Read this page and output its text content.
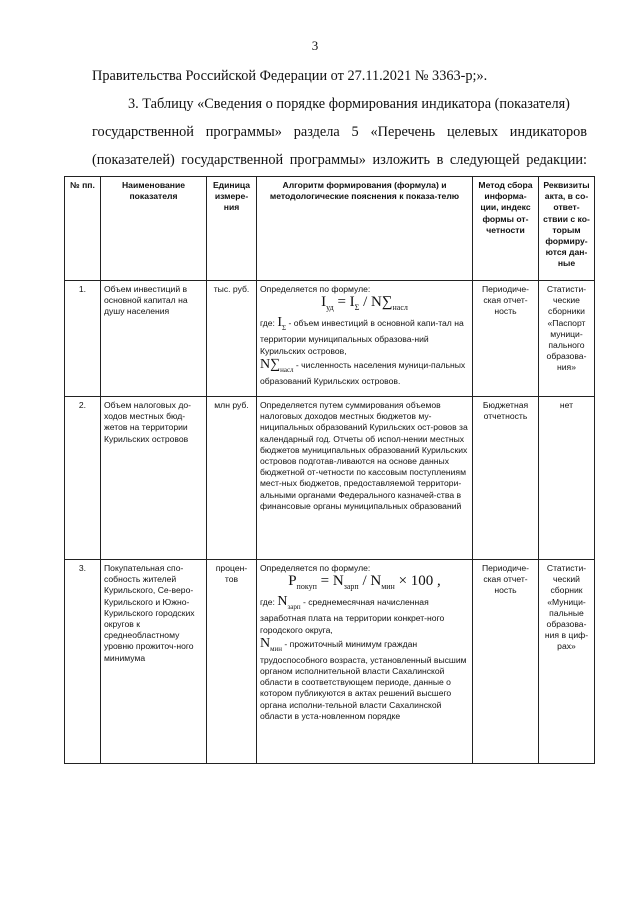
3
Правительства Российской Федерации от 27.11.2021 № 3363-р;».
3. Таблицу «Сведения о порядке формирования индикатора (показателя)
государственной программы» раздела 5 «Перечень целевых индикаторов
(показателей) государственной программы» изложить в следующей редакции:
№ пп.	Наименование показателя	Единица измере-ния	Алгоритм формирования (формула) и методологические пояснения к показа-телю	Метод сбора информа-ции, индекс формы от-четности	Реквизиты акта, в со-ответ-ствии с ко-торым формиру-ются дан-ные
1.	Объем инвестиций в основной капитал на душу населения	тыс. руб.	Определяется по формуле:
$I_{уд} = I_\Sigma / N\sum_{насл}$
где: $I_\Sigma$ - объем инвестиций в основной капи-тал на территории муниципальных образова-ний Курильских островов,
$N\sum_{насл}$ - численность населения муници-пальных образований Курильских островов.	Периодиче-ская отчет-ность	Статисти-ческие сборники «Паспорт муници-пального образова-ния»
2.	Объем налоговых до-ходов местных бюд-жетов на территории Курильских островов	млн руб.	Определяется путем суммирования объемов налоговых доходов местных бюджетов му-ниципальных образований Курильских ост-ровов за календарный год. Отчеты об испол-нении местных бюджетов муниципальных образований Курильских островов подготав-ливаются на основе данных бюджетной от-четности по кассовым поступлениям мест-ных бюджетов, предоставляемой территори-альными органами Федерального казначей-ства в финансовые органы муниципальных образований	Бюджетная отчетность	нет
3.	Покупательная спо-собность жителей Курильского, Се-веро-Курильского и Южно-Курильского городских округов к среднеобластному уровню прожиточ-ного минимума	процен-тов	Определяется по формуле:
$P_{покуп} = N_{зарп} / N_{мин} \times 100$ ,
где: $N_{зарп}$ - среднемесячная начисленная заработная плата на территории конкрет-ного городского округа,
$N_{мин}$ - прожиточный минимум граждан трудоспособного возраста, установленный высшим органом исполнительной власти Сахалинской области в соответствующем периоде, данные о котором публикуются в актах решений высшего органа исполни-тельной власти Сахалинской области в уста-новленном порядке	Периодиче-ская отчет-ность	Статисти-ческий сборник «Муници-пальные образова-ния в циф-рах»
